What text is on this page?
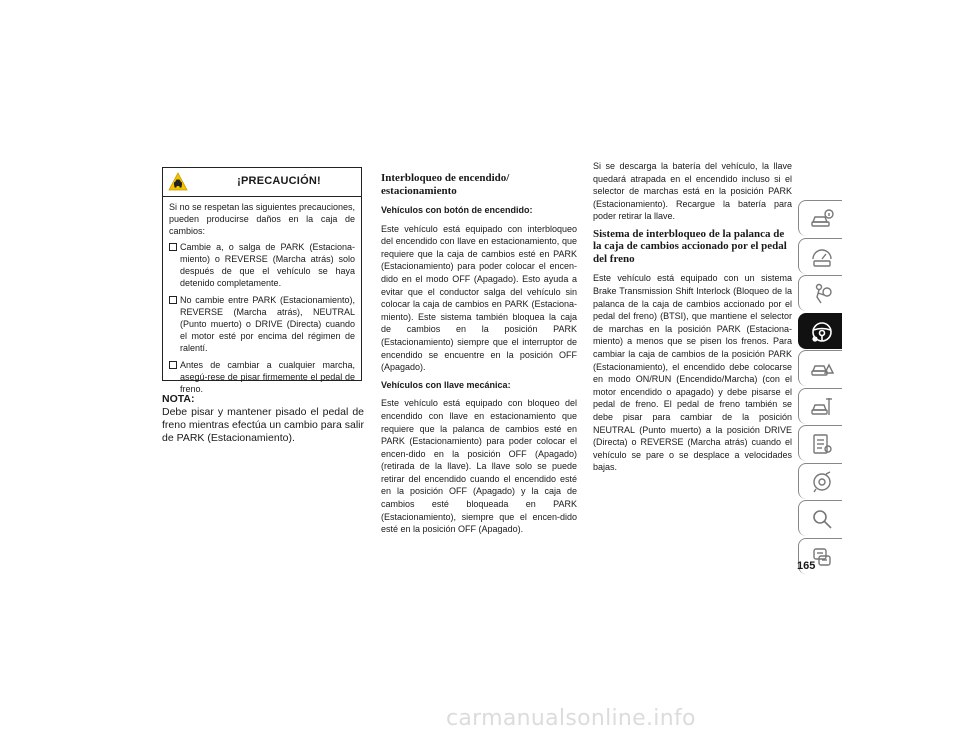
¡PRECAUCIÓN!

Si no se respetan las siguientes precauciones, pueden producirse daños en la caja de cambios:

Cambie a, o salga de PARK (Estaciona-miento) o REVERSE (Marcha atrás) solo después de que el vehículo se haya detenido completamente.
No cambie entre PARK (Estacionamiento), REVERSE (Marcha atrás), NEUTRAL (Punto muerto) o DRIVE (Directa) cuando el motor esté por encima del régimen de ralentí.
Antes de cambiar a cualquier marcha, asegú-rese de pisar firmemente el pedal de freno.
NOTA:
Debe pisar y mantener pisado el pedal de freno mientras efectúa un cambio para salir de PARK (Estacionamiento).
Interbloqueo de encendido/ estacionamiento
Vehículos con botón de encendido:

Este vehículo está equipado con interbloqueo del encendido con llave en estacionamiento, que requiere que la caja de cambios esté en PARK (Estacionamiento) para poder colocar el encen-dido en el modo OFF (Apagado). Esto ayuda a evitar que el conductor salga del vehículo sin colocar la caja de cambios en PARK (Estaciona-miento). Este sistema también bloquea la caja de cambios en la posición PARK (Estacionamiento) siempre que el interruptor de encendido se encuentre en la posición OFF (Apagado).

Vehículos con llave mecánica:

Este vehículo está equipado con bloqueo del encendido con llave en estacionamiento que requiere que la palanca de cambios esté en PARK (Estacionamiento) para poder colocar el encen-dido en la posición OFF (Apagado) (retirada de la llave). La llave solo se puede retirar del encendido cuando el encendido esté en la posición OFF (Apagado) y la caja de cambios esté bloqueada en PARK (Estacionamiento), siempre que el encen-dido esté en la posición OFF (Apagado).

Si se descarga la batería del vehículo, la llave quedará atrapada en el encendido incluso si el selector de marchas está en la posición PARK (Estacionamiento). Recargue la batería para poder retirar la llave.

Sistema de interbloqueo de la palanca de la caja de cambios accionado por el pedal del freno

Este vehículo está equipado con un sistema Brake Transmission Shift Interlock (Bloqueo de la palanca de la caja de cambios accionado por el pedal del freno) (BTSI), que mantiene el selector de marchas en la posición PARK (Estaciona-miento) a menos que se pisen los frenos. Para cambiar la caja de cambios de la posición PARK (Estacionamiento), el encendido debe colocarse en modo ON/RUN (Encendido/Marcha) (con el motor encendido o apagado) y debe pisarse el pedal de freno. El pedal de freno también se debe pisar para cambiar de la posición NEUTRAL (Punto muerto) a la posición DRIVE (Directa) o REVERSE (Marcha atrás) cuando el vehículo se pare o se desplace a velocidades bajas.

165
carmanualsonline.info
